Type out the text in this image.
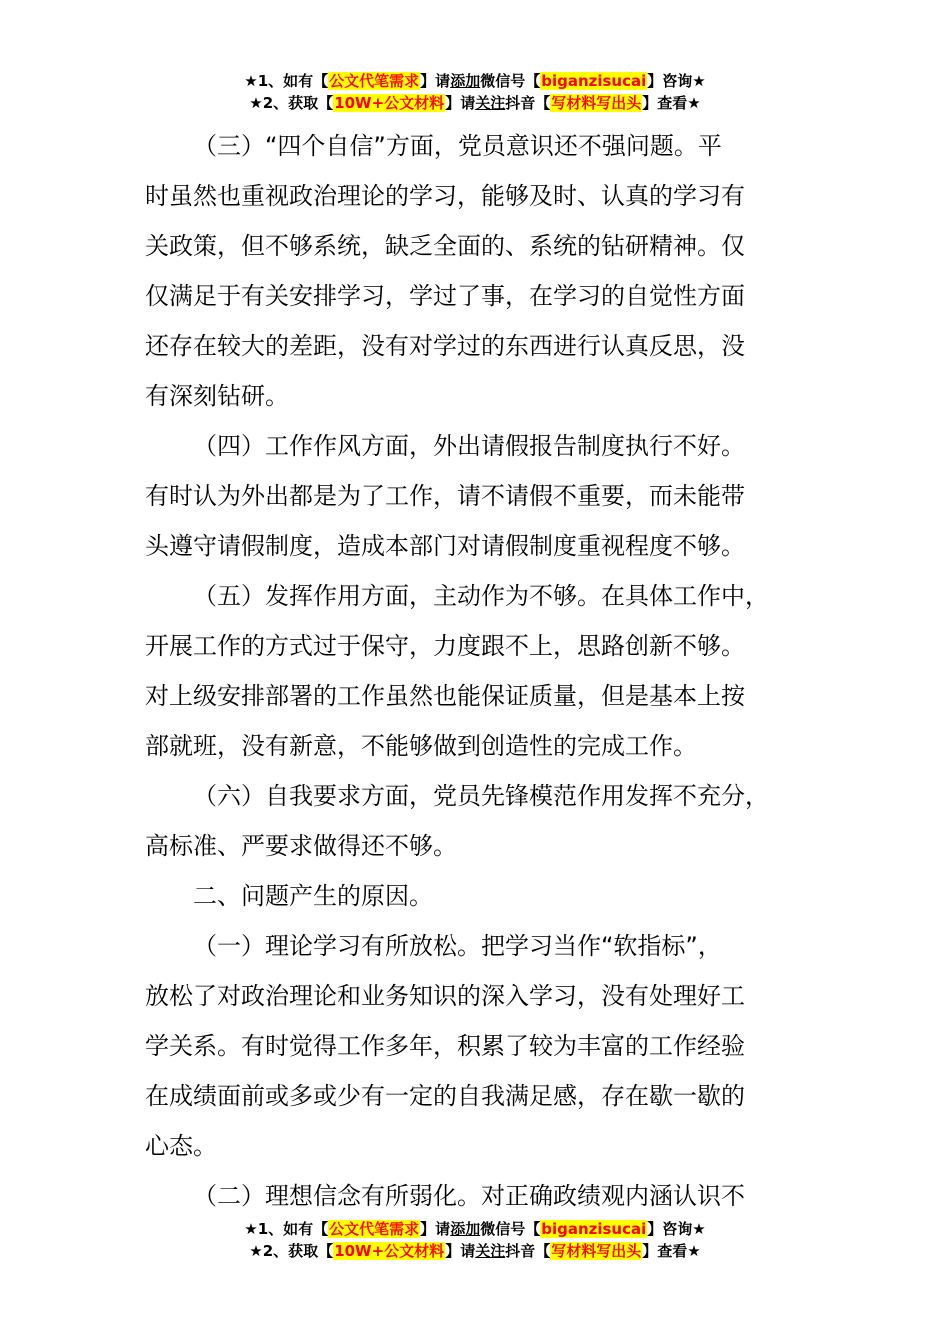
★1、如有【公文代笔需求】请添加微信号【biganzisucai】咨询★
★2、获取【10W+公文材料】请关注抖音【写材料写出头】查看★

（三）“四个自信”方面，党员意识还不强问题。平
时虽然也重视政治理论的学习，能够及时、认真的学习有
关政策，但不够系统，缺乏全面的、系统的钻研精神。仅
仅满足于有关安排学习，学过了事，在学习的自觉性方面
还存在较大的差距，没有对学过的东西进行认真反思，没
有深刻钻研。

（四）工作作风方面，外出请假报告制度执行不好。
有时认为外出都是为了工作，请不请假不重要，而未能带
头遵守请假制度，造成本部门对请假制度重视程度不够。

（五）发挥作用方面，主动作为不够。在具体工作中，
开展工作的方式过于保守，力度跟不上，思路创新不够。
对上级安排部署的工作虽然也能保证质量，但是基本上按
部就班，没有新意，不能够做到创造性的完成工作。

（六）自我要求方面，党员先锋模范作用发挥不充分，
高标准、严要求做得还不够。

二、问题产生的原因。

（一）理论学习有所放松。把学习当作“软指标”，
放松了对政治理论和业务知识的深入学习，没有处理好工
学关系。有时觉得工作多年，积累了较为丰富的工作经验
在成绩面前或多或少有一定的自我满足感，存在歇一歇的
心态。

（二）理想信念有所弱化。对正确政绩观内涵认识不

★1、如有【公文代笔需求】请添加微信号【biganzisucai】咨询★
★2、获取【10W+公文材料】请关注抖音【写材料写出头】查看★
